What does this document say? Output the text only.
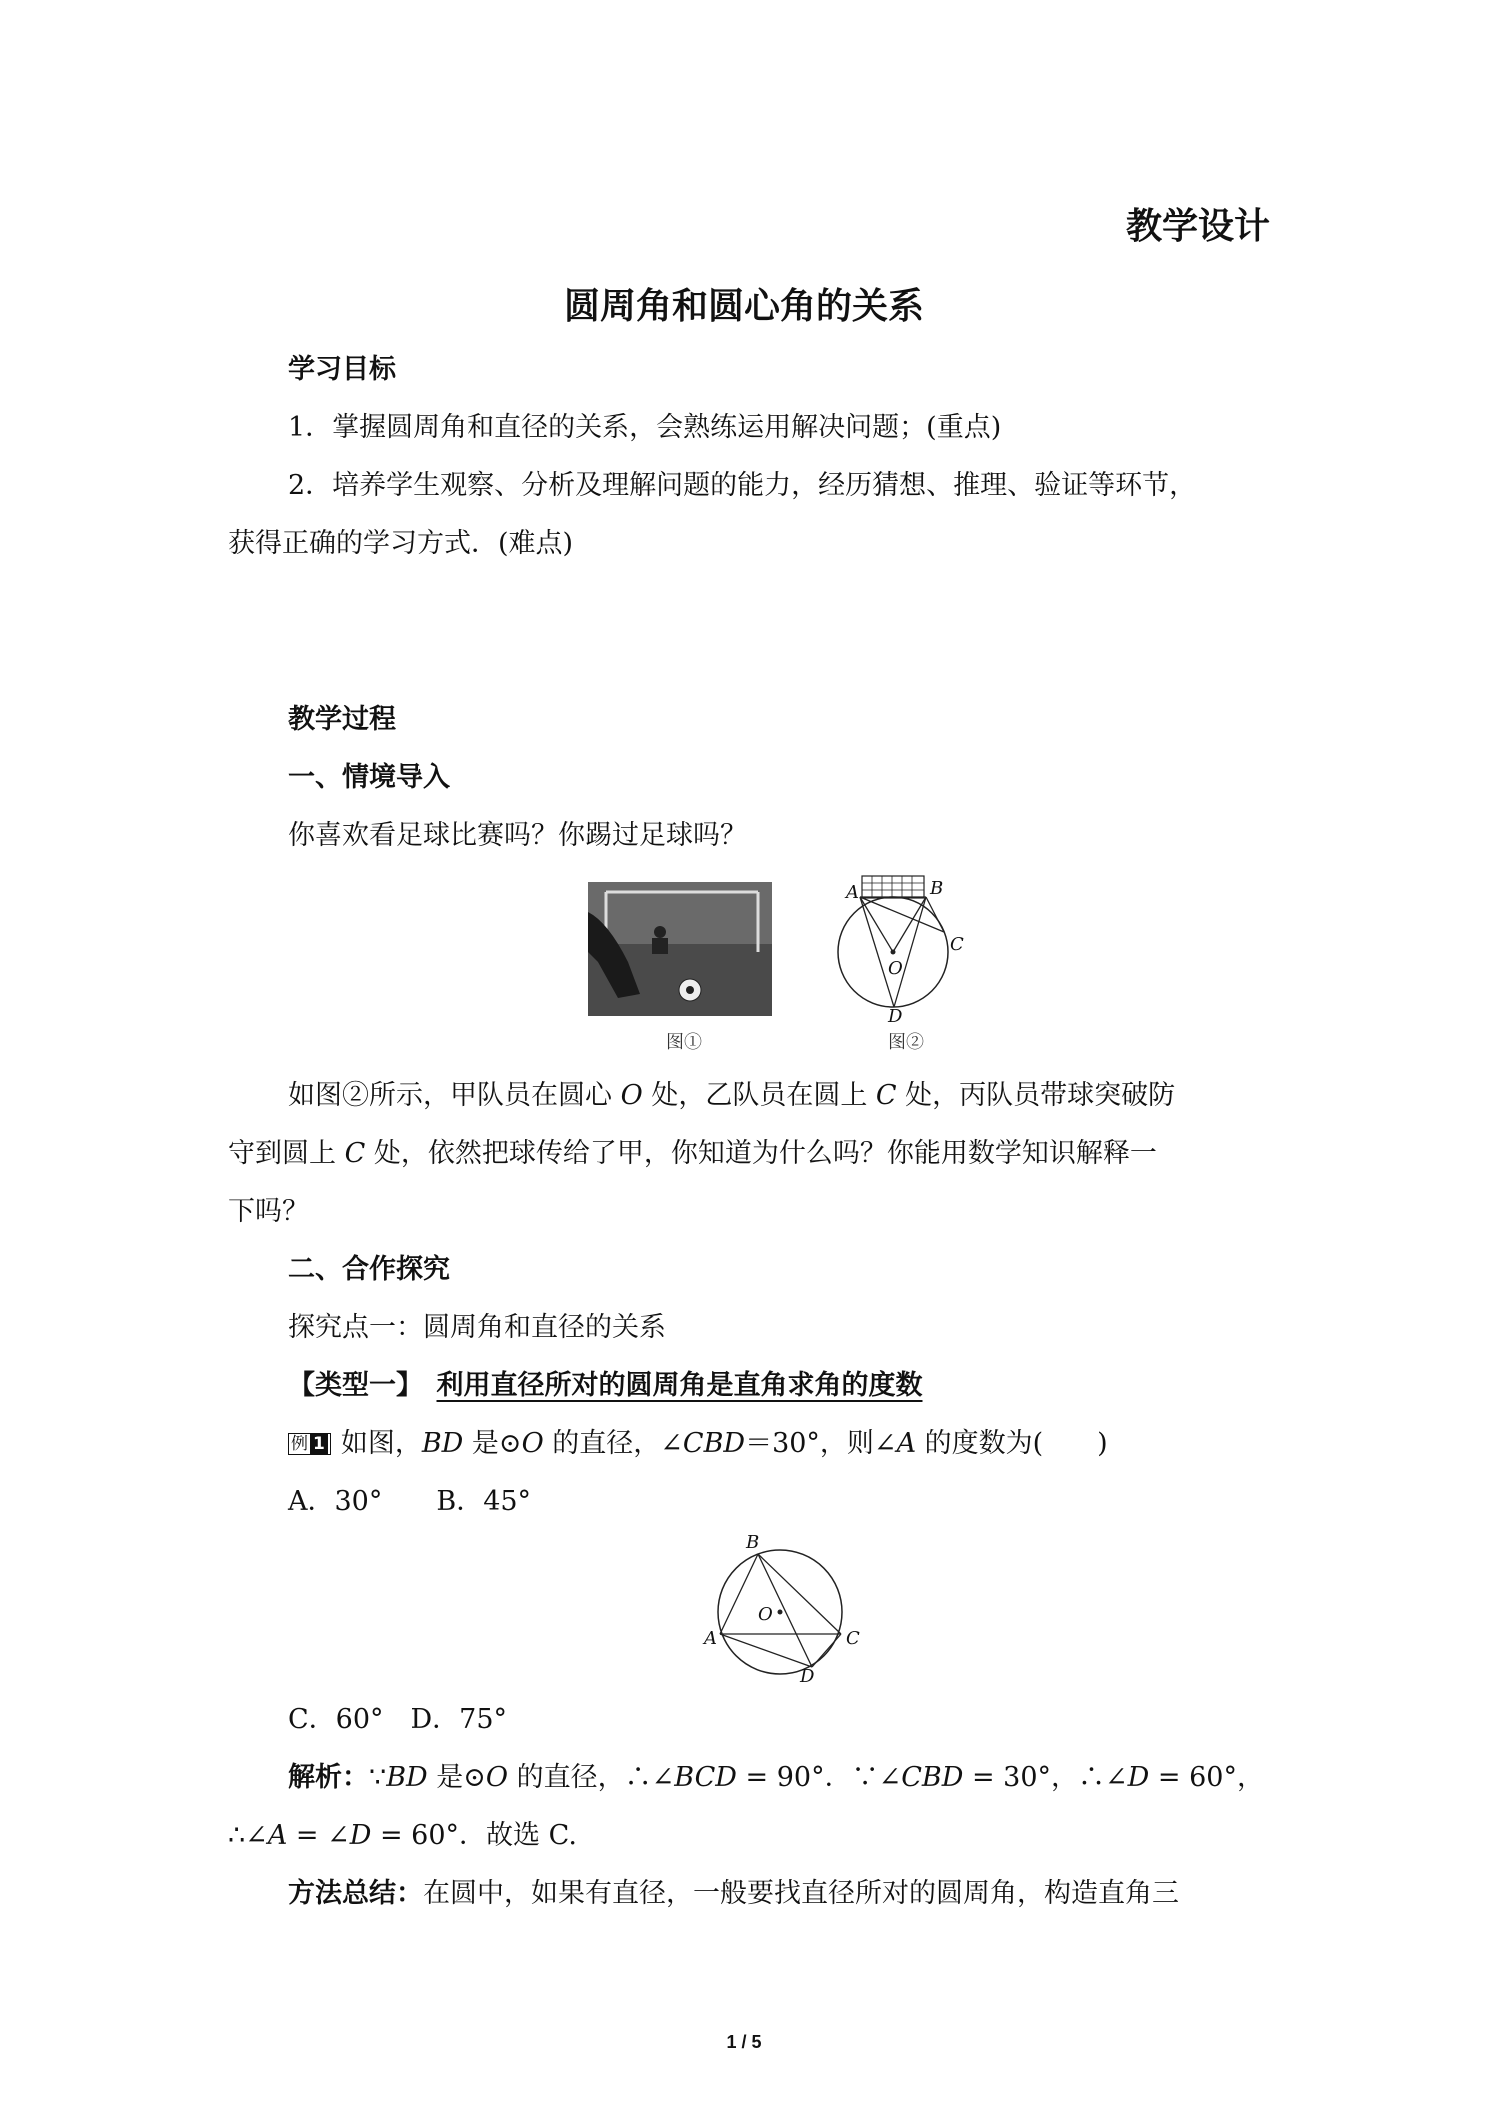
教学设计
圆周角和圆心角的关系
学习目标
1．掌握圆周角和直径的关系，会熟练运用解决问题；(重点)
2．培养学生观察、分析及理解问题的能力，经历猜想、推理、验证等环节，
获得正确的学习方式．(难点)
教学过程
一、情境导入
你喜欢看足球比赛吗？你踢过足球吗？
图①
A	B
C
O
D
图②
如图②所示，甲队员在圆心 O 处，乙队员在圆上 C 处，丙队员带球突破防
守到圆上 C 处，依然把球传给了甲，你知道为什么吗？你能用数学知识解释一
下吗？
二、合作探究
探究点一：圆周角和直径的关系
【类型一】　 利用直径所对的圆周角是直角求角的度数
例 1 如图，BD 是⊙O 的直径，∠CBD＝30°，则∠A 的度数为(　　)
A．30°　　 B．45°
B
A	C
O
D
C．60°　 D．75°
解析：∵BD 是⊙O 的直径，∴∠BCD = 90°．∵∠CBD = 30°，∴∠D = 60°，
∴∠A = ∠D = 60°．故选 C.
方法总结：在圆中，如果有直径，一般要找直径所对的圆周角，构造直角三
1 / 5
